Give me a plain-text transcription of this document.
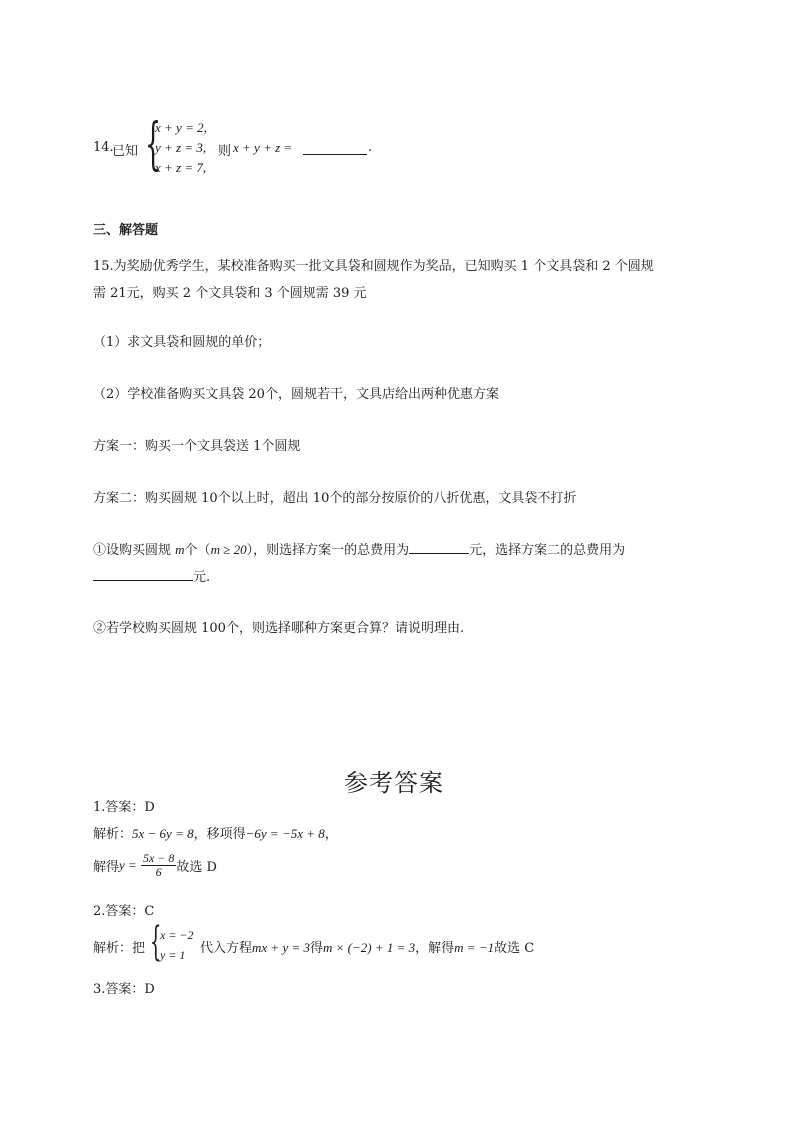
14.
已知 {
x + y = 2,
y + z = 3,
x + z = 7,
则 x + y + z =	.
三、解答题
15.为奖励优秀学生，某校准备购买一批文具袋和圆规作为奖品，已知购买 1 个文具袋和 2 个圆规
需 21元，购买 2 个文具袋和 3 个圆规需 39 元
（1）求文具袋和圆规的单价；
（2）学校准备购买文具袋 20个，圆规若干，文具店给出两种优惠方案
方案一：购买一个文具袋送 1个圆规
方案二：购买圆规 10个以上时，超出 10个的部分按原价的八折优惠，文具袋不打折
①设购买圆规 m个（m ≥ 20），则选择方案一的总费用为	元，选择方案二的总费用为
元.
②若学校购买圆规 100个，则选择哪种方案更合算？请说明理由.
参考答案
1.答案：D
解析：5x − 6y = 8，移项得−6y = −5x + 8，
解得$y = \frac{5x - 8}{6}$ 故选 D
2.答案：C
解析：把 {
x = −2
y = 1 代入方程mx + y = 3得m × (−2) + 1 = 3，解得m = −1故选 C
3.答案：D
